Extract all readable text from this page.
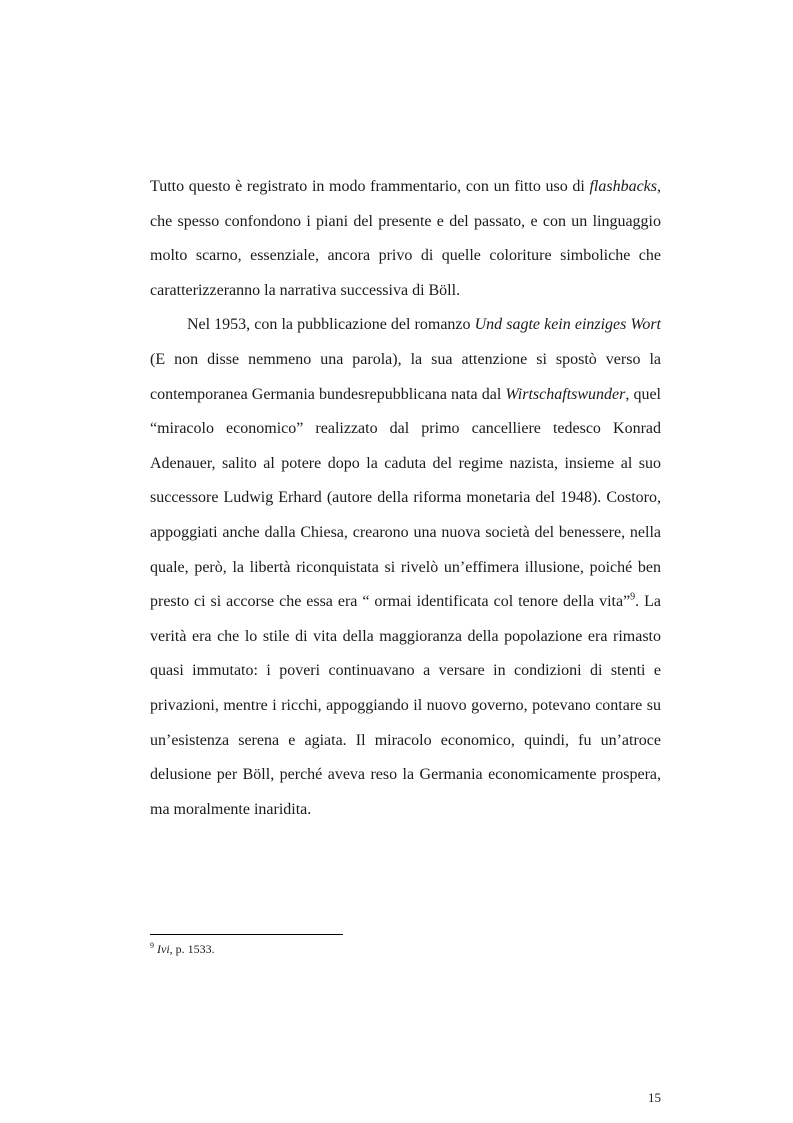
Tutto questo è registrato in modo frammentario, con un fitto uso di flashbacks, che spesso confondono i piani del presente e del passato, e con un linguaggio molto scarno, essenziale, ancora privo di quelle coloriture simboliche che caratterizzeranno la narrativa successiva di Böll.

Nel 1953, con la pubblicazione del romanzo Und sagte kein einziges Wort (E non disse nemmeno una parola), la sua attenzione si spostò verso la contemporanea Germania bundesrepubblicana nata dal Wirtschaftswunder, quel “miracolo economico” realizzato dal primo cancelliere tedesco Konrad Adenauer, salito al potere dopo la caduta del regime nazista, insieme al suo successore Ludwig Erhard (autore della riforma monetaria del 1948). Costoro, appoggiati anche dalla Chiesa, crearono una nuova società del benessere, nella quale, però, la libertà riconquistata si rivelò un’effimera illusione, poiché ben presto ci si accorse che essa era “ ormai identificata col tenore della vita”$^9$. La verità era che lo stile di vita della maggioranza della popolazione era rimasto quasi immutato: i poveri continuavano a versare in condizioni di stenti e privazioni, mentre i ricchi, appoggiando il nuovo governo, potevano contare su un’esistenza serena e agiata. Il miracolo economico, quindi, fu un’atroce delusione per Böll, perché aveva reso la Germania economicamente prospera, ma moralmente inaridita.

$^9$ Ivi, p. 1533.

15
